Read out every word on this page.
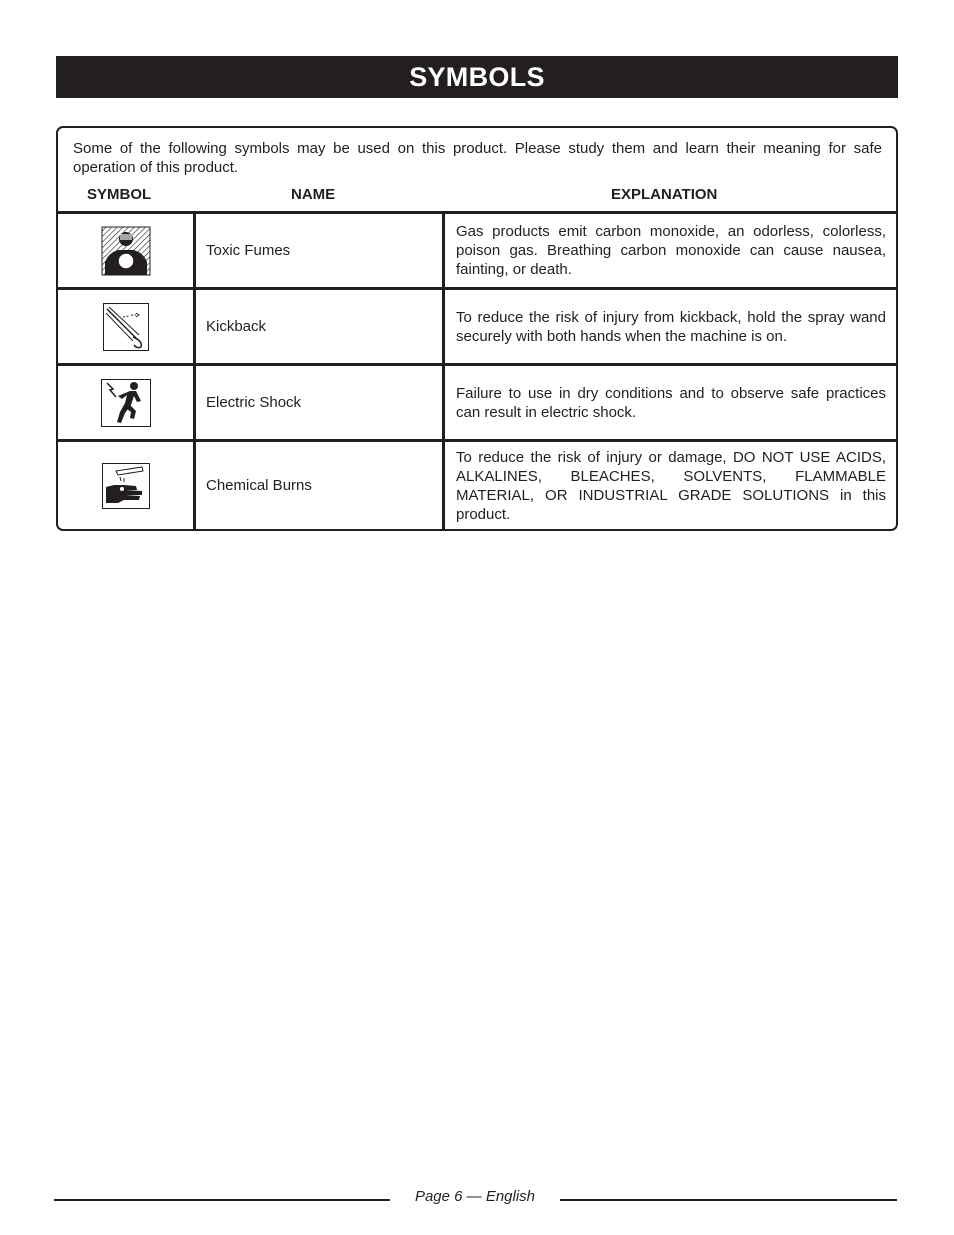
SYMBOLS
Some of the following symbols may be used on this product. Please study them and learn their meaning for safe operation of this product.
SYMBOL	NAME	EXPLANATION
Toxic Fumes
Gas products emit carbon monoxide, an odorless, colorless, poison gas. Breathing carbon monoxide can cause nausea, fainting, or death.
Kickback
To reduce the risk of injury from kickback, hold the spray wand securely with both hands when the machine is on.
Electric Shock
Failure to use in dry conditions and to observe safe practices can result in electric shock.
Chemical Burns
To reduce the risk of injury or damage, DO NOT USE ACIDS, ALKALINES, BLEACHES, SOLVENTS, FLAMMABLE MATERIAL, OR INDUSTRIAL GRADE SOLUTIONS in this product.
Page 6 — English
